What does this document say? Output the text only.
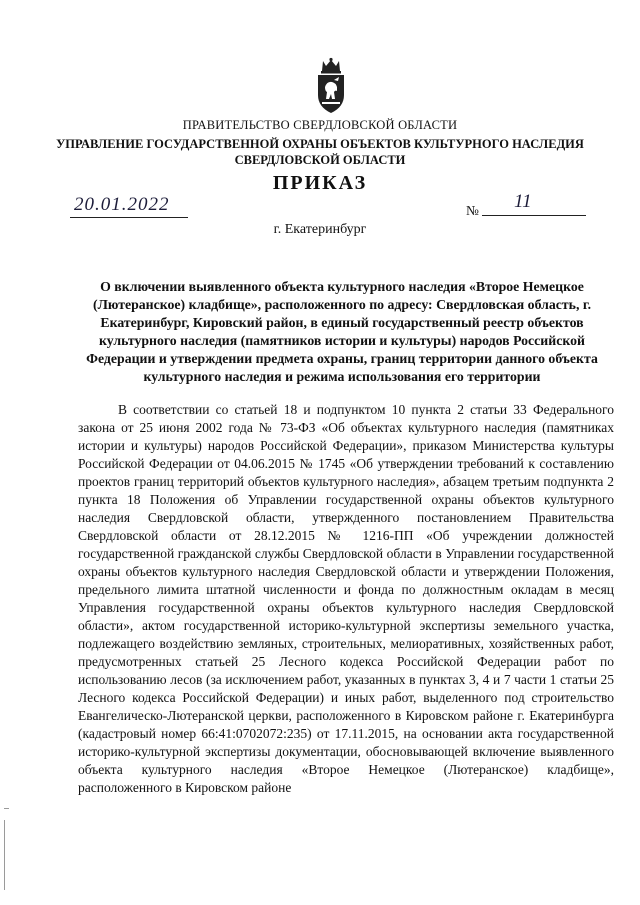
ПРАВИТЕЛЬСТВО СВЕРДЛОВСКОЙ ОБЛАСТИ
УПРАВЛЕНИЕ ГОСУДАРСТВЕННОЙ ОХРАНЫ ОБЪЕКТОВ КУЛЬТУРНОГО НАСЛЕДИЯ СВЕРДЛОВСКОЙ ОБЛАСТИ
ПРИКАЗ
20.01.2022	№ 11
г. Екатеринбург
О включении выявленного объекта культурного наследия «Второе Немецкое (Лютеранское) кладбище», расположенного по адресу: Свердловская область, г. Екатеринбург, Кировский район, в единый государственный реестр объектов культурного наследия (памятников истории и культуры) народов Российской Федерации и утверждении предмета охраны, границ территории данного объекта культурного наследия и режима использования его территории

В соответствии со статьей 18 и подпунктом 10 пункта 2 статьи 33 Федерального закона от 25 июня 2002 года № 73-ФЗ «Об объектах культурного наследия (памятниках истории и культуры) народов Российской Федерации», приказом Министерства культуры Российской Федерации от 04.06.2015 № 1745 «Об утверждении требований к составлению проектов границ территорий объектов культурного наследия», абзацем третьим подпункта 2 пункта 18 Положения об Управлении государственной охраны объектов культурного наследия Свердловской области, утвержденного постановлением Правительства Свердловской области от 28.12.2015 № 1216-ПП «Об учреждении должностей государственной гражданской службы Свердловской области в Управлении государственной охраны объектов культурного наследия Свердловской области и утверждении Положения, предельного лимита штатной численности и фонда по должностным окладам в месяц Управления государственной охраны объектов культурного наследия Свердловской области», актом государственной историко-культурной экспертизы земельного участка, подлежащего воздействию земляных, строительных, мелиоративных, хозяйственных работ, предусмотренных статьей 25 Лесного кодекса Российской Федерации работ по использованию лесов (за исключением работ, указанных в пунктах 3, 4 и 7 части 1 статьи 25 Лесного кодекса Российской Федерации) и иных работ, выделенного под строительство Евангелическо-Лютеранской церкви, расположенного в Кировском районе г. Екатеринбурга (кадастровый номер 66:41:0702072:235) от 17.11.2015, на основании акта государственной историко-культурной экспертизы документации, обосновывающей включение выявленного объекта культурного наследия «Второе Немецкое (Лютеранское) кладбище», расположенного в Кировском районе
